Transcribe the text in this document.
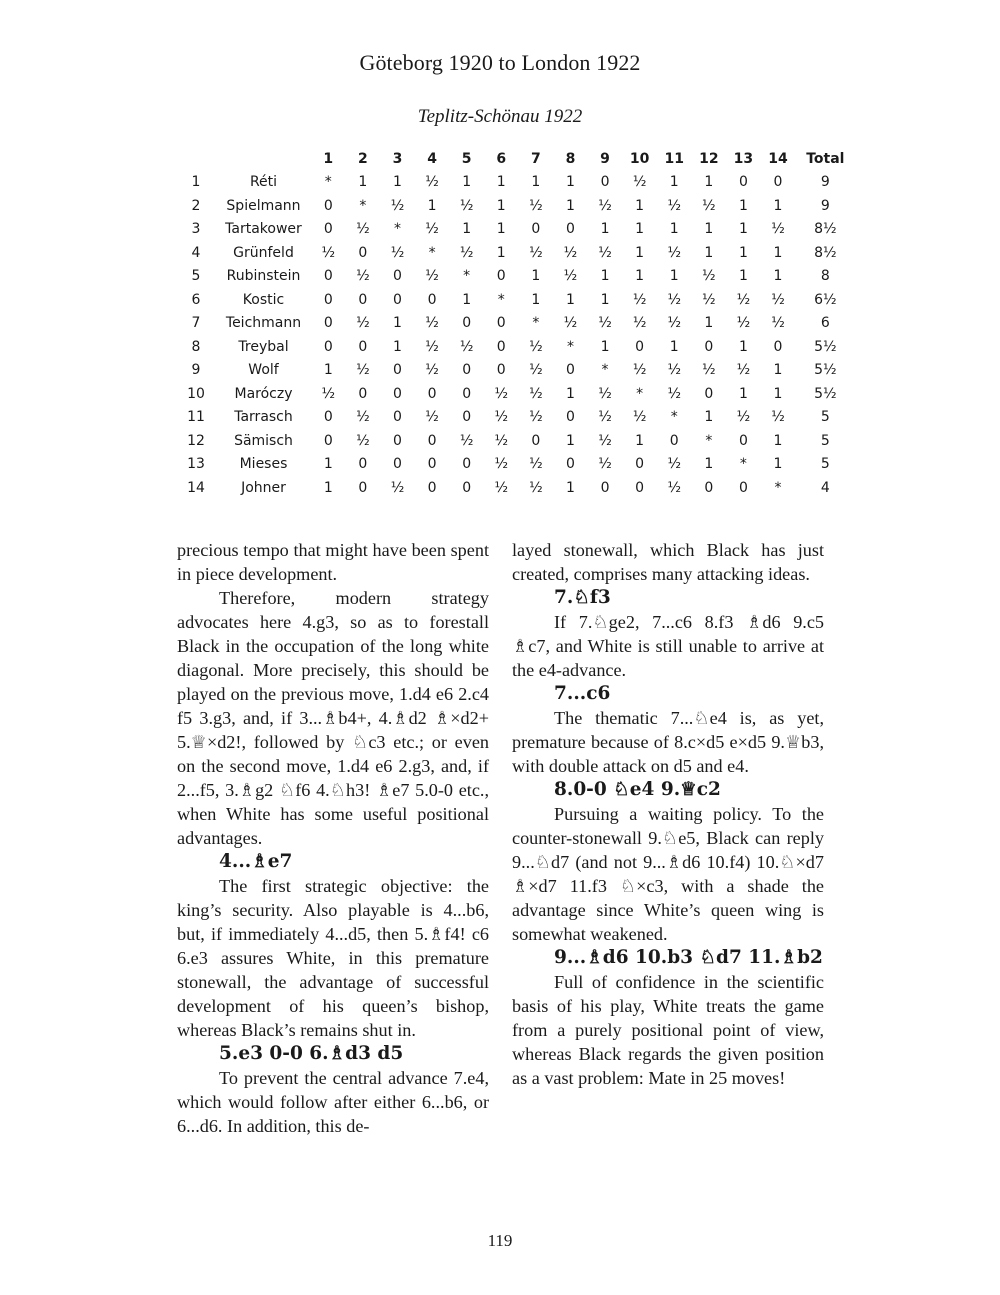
Göteborg 1920 to London 1922
Teplitz-Schönau 1922
		1	2	3	4	5	6	7	8	9	10	11	12	13	14	Total
1	Réti	*	1	1	½	1	1	1	1	0	½	1	1	0	0	9
2	Spielmann	0	*	½	1	½	1	½	1	½	1	½	½	1	1	9
3	Tartakower	0	½	*	½	1	1	0	0	1	1	1	1	1	½	8½
4	Grünfeld	½	0	½	*	½	1	½	½	½	1	½	1	1	1	8½
5	Rubinstein	0	½	0	½	*	0	1	½	1	1	1	½	1	1	8
6	Kostic	0	0	0	0	1	*	1	1	1	½	½	½	½	½	6½
7	Teichmann	0	½	1	½	0	0	*	½	½	½	½	1	½	½	6
8	Treybal	0	0	1	½	½	0	½	*	1	0	1	0	1	0	5½
9	Wolf	1	½	0	½	0	0	½	0	*	½	½	½	½	1	5½
10	Maróczy	½	0	0	0	0	½	½	1	½	*	½	0	1	1	5½
11	Tarrasch	0	½	0	½	0	½	½	0	½	½	*	1	½	½	5
12	Sämisch	0	½	0	0	½	½	0	1	½	1	0	*	0	1	5
13	Mieses	1	0	0	0	0	½	½	0	½	0	½	1	*	1	5
14	Johner	1	0	½	0	0	½	½	1	0	0	½	0	0	*	4

precious tempo that might have been spent in piece development.

Therefore, modern strategy advocates here 4.g3, so as to forestall Black in the occupation of the long white diagonal. More precisely, this should be played on the previous move, 1.d4 e6 2.c4 f5 3.g3, and, if 3...♗b4+, 4.♗d2 ♗×d2+ 5.♕×d2!, followed by ♘c3 etc.; or even on the second move, 1.d4 e6 2.g3, and, if 2...f5, 3.♗g2 ♘f6 4.♘h3! ♗e7 5.0-0 etc., when White has some useful positional advantages.

4...♗e7

The first strategic objective: the king’s security. Also playable is 4...b6, but, if immediately 4...d5, then 5.♗f4! c6 6.e3 assures White, in this premature stonewall, the advantage of successful development of his queen’s bishop, whereas Black’s remains shut in.

5.e3 0-0 6.♗d3 d5

To prevent the central advance 7.e4, which would follow after either 6...b6, or 6...d6. In addition, this de-

layed stonewall, which Black has just created, comprises many attacking ideas.

7.♘f3

If 7.♘ge2, 7...c6 8.f3 ♗d6 9.c5 ♗c7, and White is still unable to arrive at the e4-advance.

7...c6

The thematic 7...♘e4 is, as yet, premature because of 8.c×d5 e×d5 9.♕b3, with double attack on d5 and e4.

8.0-0 ♘e4 9.♕c2

Pursuing a waiting policy. To the counter-stonewall 9.♘e5, Black can reply 9...♘d7 (and not 9...♗d6 10.f4) 10.♘×d7 ♗×d7 11.f3 ♘×c3, with a shade the advantage since White’s queen wing is somewhat weakened.

9...♗d6 10.b3 ♘d7 11.♗b2

Full of confidence in the scientific basis of his play, White treats the game from a purely positional point of view, whereas Black regards the given position as a vast problem: Mate in 25 moves!

119
